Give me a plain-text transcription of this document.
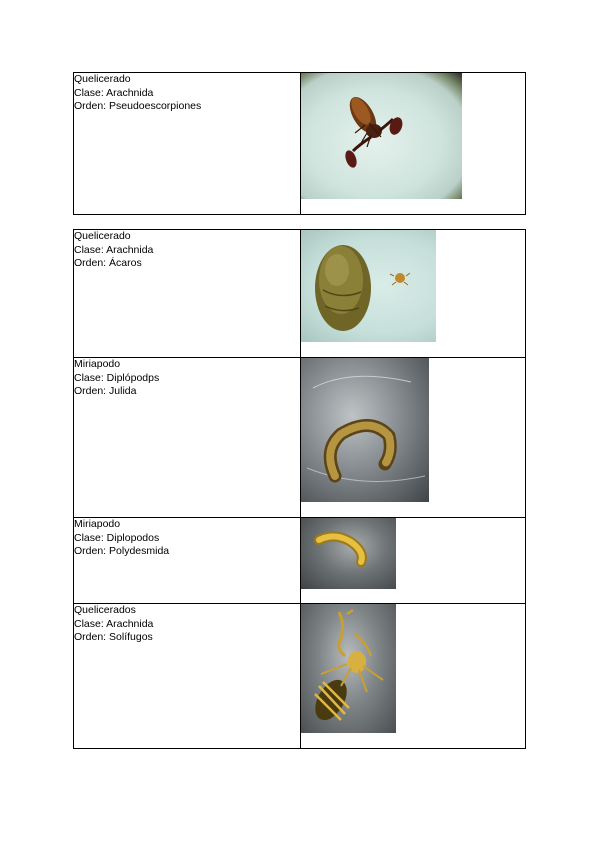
Quelicerado
Clase: Arachnida
Orden: Pseudoescorpiones

Quelicerado
Clase: Arachnida
Orden: Ácaros

Miriapodo
Clase: Diplópodps
Orden: Julida

Miriapodo
Clase: Diplopodos
Orden: Polydesmida

Quelicerados
Clase: Arachnida
Orden: Solífugos
